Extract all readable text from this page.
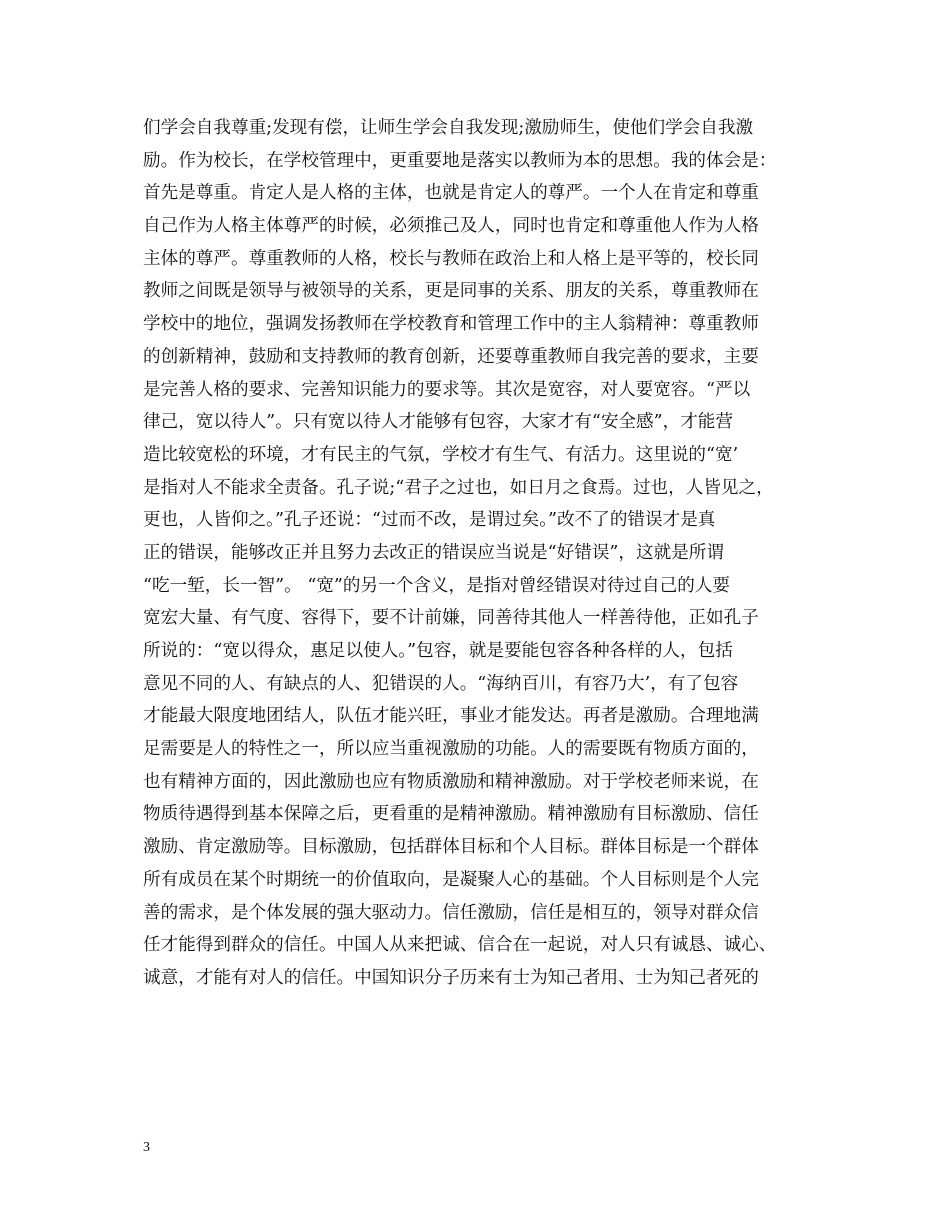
们学会自我尊重;发现有偿，让师生学会自我发现;激励师生，使他们学会自我激
励。作为校长，在学校管理中，更重要地是落实以教师为本的思想。我的体会是：
首先是尊重。肯定人是人格的主体，也就是肯定人的尊严。一个人在肯定和尊重
自己作为人格主体尊严的时候，必须推己及人，同时也肯定和尊重他人作为人格
主体的尊严。尊重教师的人格，校长与教师在政治上和人格上是平等的，校长同
教师之间既是领导与被领导的关系，更是同事的关系、朋友的关系，尊重教师在
学校中的地位，强调发扬教师在学校教育和管理工作中的主人翁精神：尊重教师
的创新精神，鼓励和支持教师的教育创新，还要尊重教师自我完善的要求，主要
是完善人格的要求、完善知识能力的要求等。其次是宽容，对人要宽容。“严以
律己，宽以待人”。只有宽以待人才能够有包容，大家才有“安全感”，才能营
造比较宽松的环境，才有民主的气氛，学校才有生气、有活力。这里说的“宽’
是指对人不能求全责备。孔子说;“君子之过也，如日月之食焉。过也，人皆见之，
更也，人皆仰之。”孔子还说：“过而不改，是谓过矣。”改不了的错误才是真
正的错误，能够改正并且努力去改正的错误应当说是“好错误”，这就是所谓
“吃一堑，长一智”。 “宽”的另一个含义，是指对曾经错误对待过自己的人要
宽宏大量、有气度、容得下，要不计前嫌，同善待其他人一样善待他，正如孔子
所说的：“宽以得众，惠足以使人。”包容，就是要能包容各种各样的人，包括
意见不同的人、有缺点的人、犯错误的人。“海纳百川，有容乃大’，有了包容
才能最大限度地团结人，队伍才能兴旺，事业才能发达。再者是激励。合理地满
足需要是人的特性之一，所以应当重视激励的功能。人的需要既有物质方面的，
也有精神方面的，因此激励也应有物质激励和精神激励。对于学校老师来说，在
物质待遇得到基本保障之后，更看重的是精神激励。精神激励有目标激励、信任
激励、肯定激励等。目标激励，包括群体目标和个人目标。群体目标是一个群体
所有成员在某个时期统一的价值取向，是凝聚人心的基础。个人目标则是个人完
善的需求，是个体发展的强大驱动力。信任激励，信任是相互的，领导对群众信
任才能得到群众的信任。中国人从来把诚、信合在一起说，对人只有诚恳、诚心、
诚意，才能有对人的信任。中国知识分子历来有士为知己者用、士为知己者死的
3
